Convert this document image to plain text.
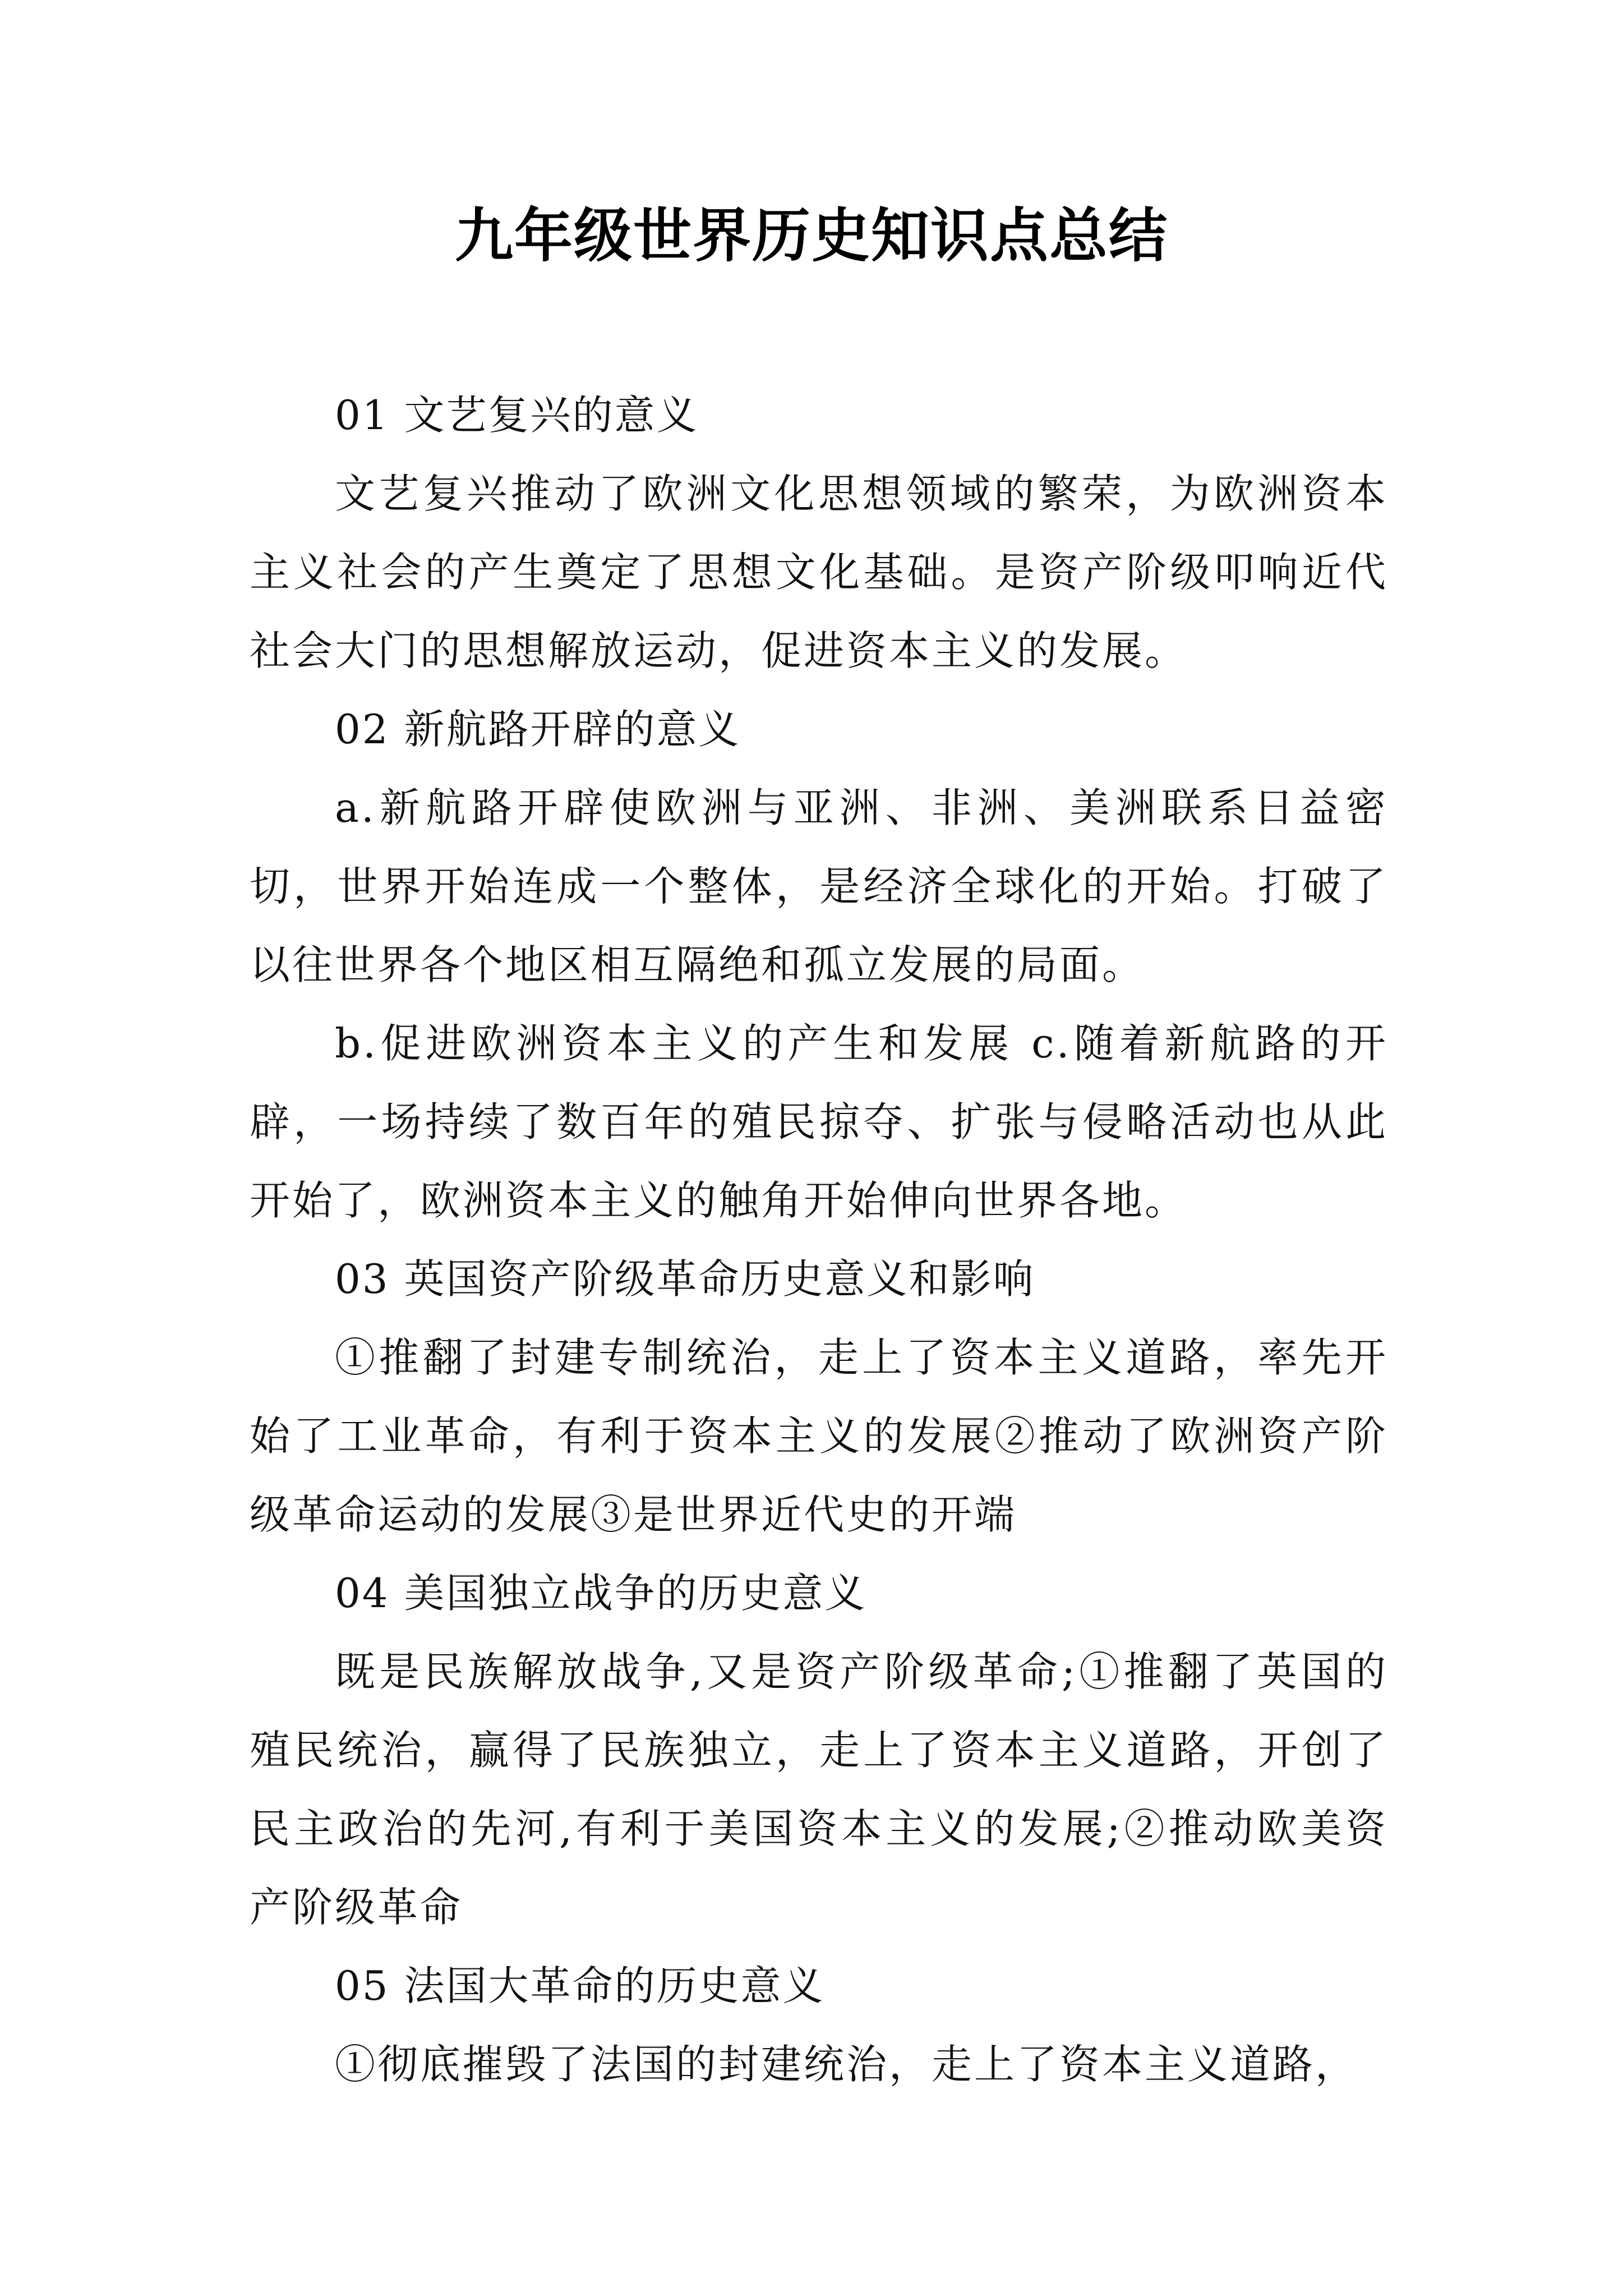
九年级世界历史知识点总结

01 文艺复兴的意义

文艺复兴推动了欧洲文化思想领域的繁荣，为欧洲资本主义社会的产生奠定了思想文化基础。是资产阶级叩响近代社会大门的思想解放运动，促进资本主义的发展。

02 新航路开辟的意义

a.新航路开辟使欧洲与亚洲、非洲、美洲联系日益密切，世界开始连成一个整体，是经济全球化的开始。打破了以往世界各个地区相互隔绝和孤立发展的局面。

b.促进欧洲资本主义的产生和发展 c.随着新航路的开辟，一场持续了数百年的殖民掠夺、扩张与侵略活动也从此开始了，欧洲资本主义的触角开始伸向世界各地。

03 英国资产阶级革命历史意义和影响

①推翻了封建专制统治，走上了资本主义道路，率先开始了工业革命，有利于资本主义的发展②推动了欧洲资产阶级革命运动的发展③是世界近代史的开端

04 美国独立战争的历史意义

既是民族解放战争,又是资产阶级革命;①推翻了英国的殖民统治，赢得了民族独立，走上了资本主义道路，开创了民主政治的先河,有利于美国资本主义的发展;②推动欧美资产阶级革命

05 法国大革命的历史意义

①彻底摧毁了法国的封建统治，走上了资本主义道路，
